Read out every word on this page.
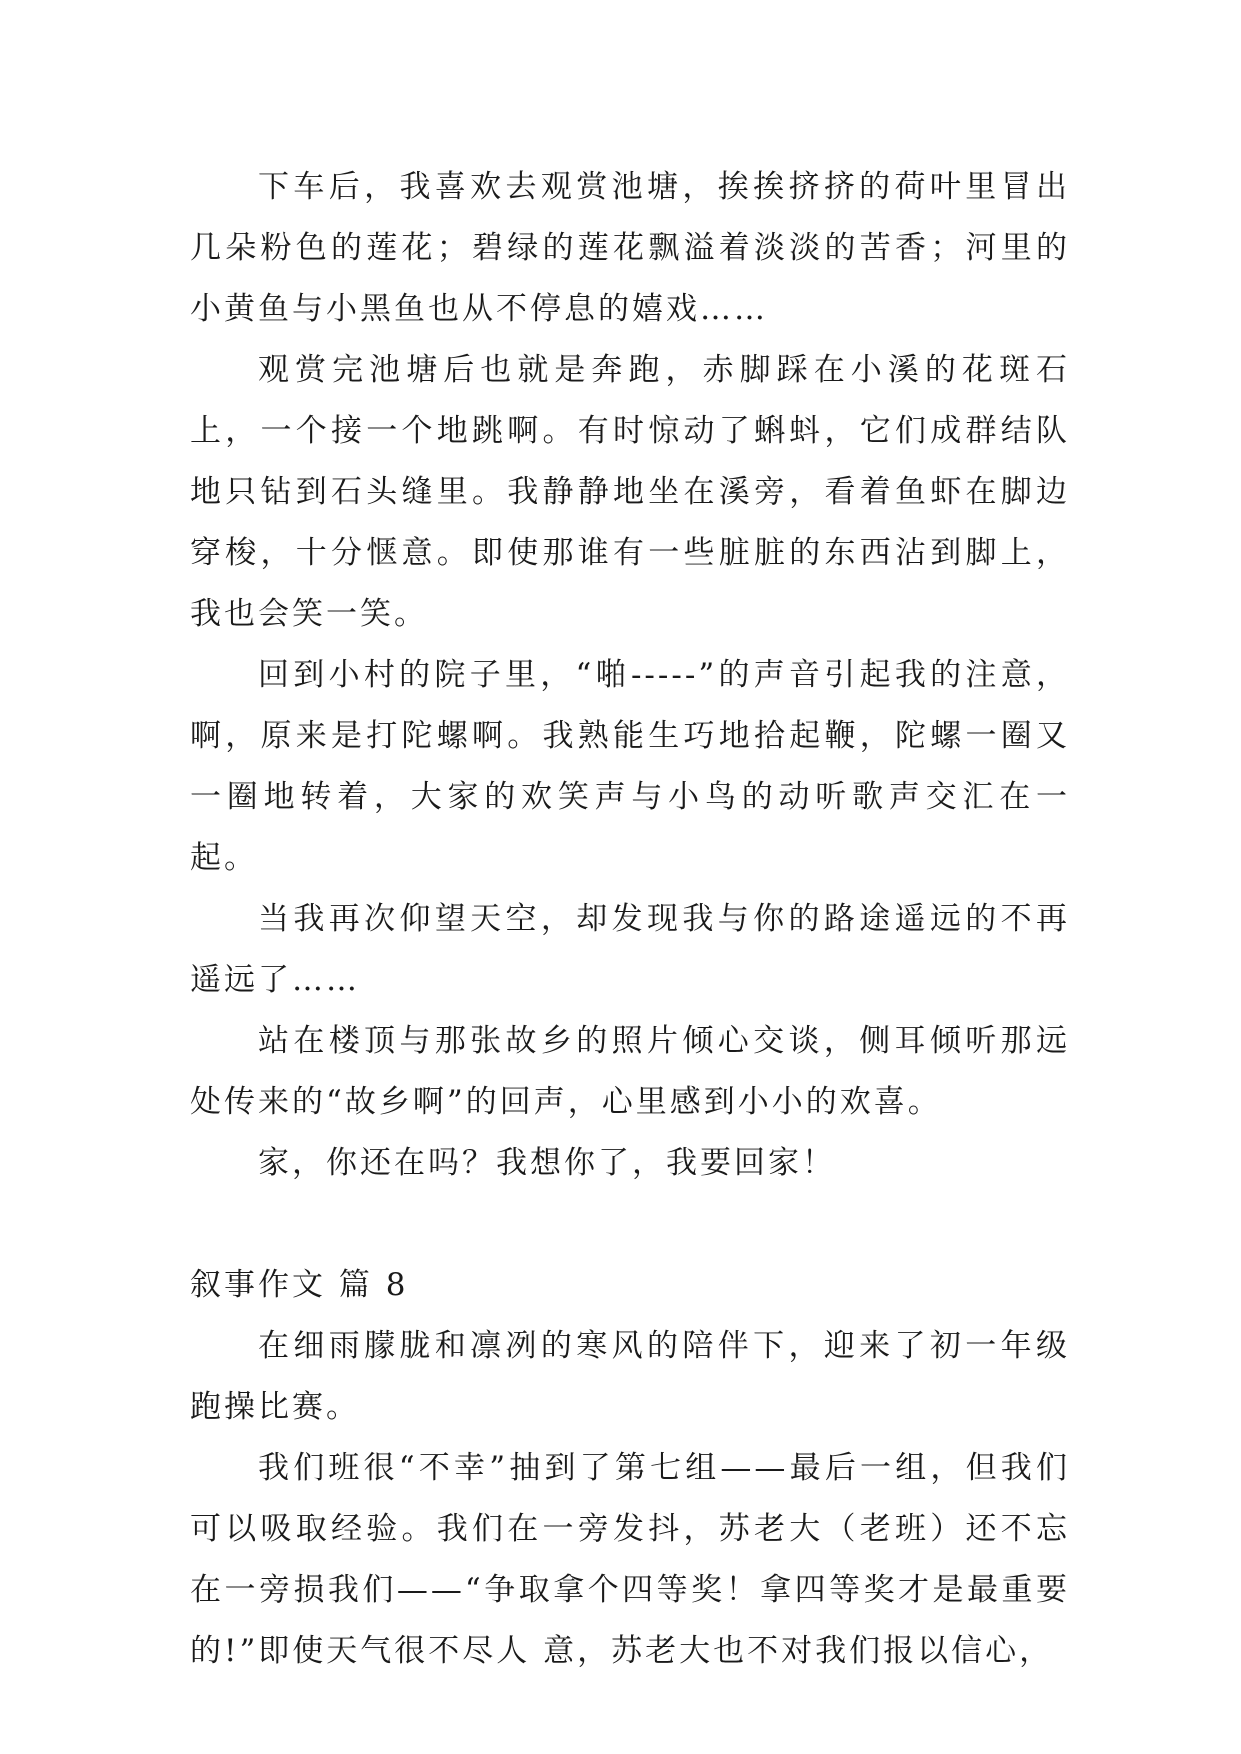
下车后，我喜欢去观赏池塘，挨挨挤挤的荷叶里冒出几朵粉色的莲花；碧绿的莲花飘溢着淡淡的苦香；河里的小黄鱼与小黑鱼也从不停息的嬉戏……

观赏完池塘后也就是奔跑，赤脚踩在小溪的花斑石上，一个接一个地跳啊。有时惊动了蝌蚪，它们成群结队地只钻到石头缝里。我静静地坐在溪旁，看着鱼虾在脚边穿梭，十分惬意。即使那谁有一些脏脏的东西沾到脚上，我也会笑一笑。

回到小村的院子里，“啪-----”的声音引起我的注意，啊，原来是打陀螺啊。我熟能生巧地拾起鞭，陀螺一圈又一圈地转着，大家的欢笑声与小鸟的动听歌声交汇在一起。

当我再次仰望天空，却发现我与你的路途遥远的不再遥远了……

站在楼顶与那张故乡的照片倾心交谈，侧耳倾听那远处传来的“故乡啊”的回声，心里感到小小的欢喜。

家，你还在吗？我想你了，我要回家！

叙事作文 篇 8

在细雨朦胧和凛冽的寒风的陪伴下，迎来了初一年级跑操比赛。

我们班很“不幸”抽到了第七组——最后一组，但我们可以吸取经验。我们在一旁发抖，苏老大（老班）还不忘在一旁损我们——“争取拿个四等奖！拿四等奖才是最重要的!”即使天气很不尽人 意，苏老大也不对我们报以信心，
